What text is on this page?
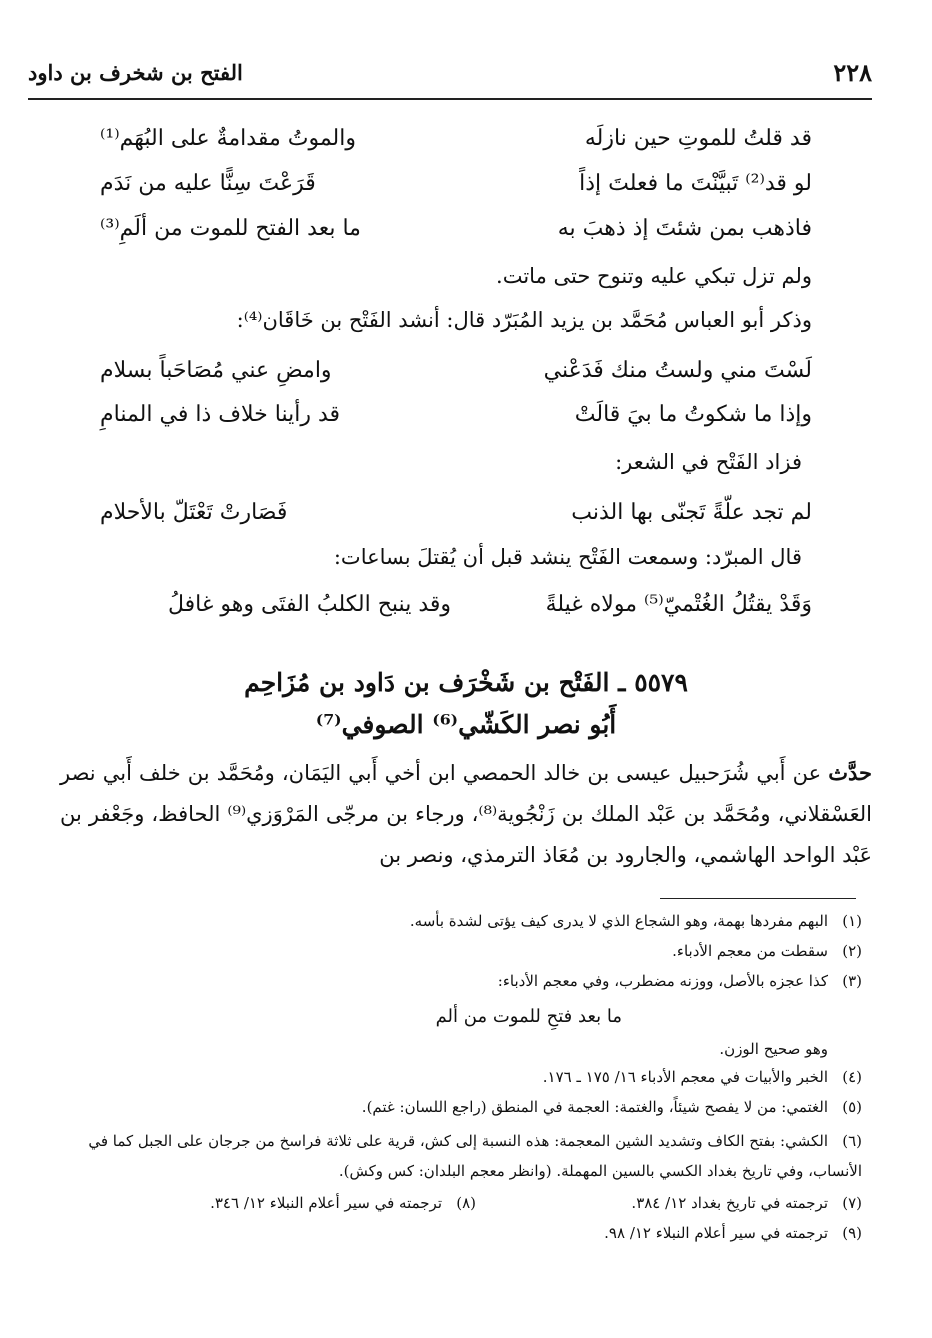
٢٢٨
الفتح بن شخرف بن داود
قد قلتُ للموتِ حين نازلَه
والموتُ مقدامةٌ على البُهَم⁽¹⁾
لو قد⁽²⁾ تَبيَّنْتَ ما فعلتَ إذاً
قَرَعْتَ سِنًّا عليه من نَدَم
فاذهب بمن شئتَ إذ ذهبَ به
ما بعد الفتح للموت من ألَمِ⁽³⁾
ولم تزل تبكي عليه وتنوح حتى ماتت.
وذكر أبو العباس مُحَمَّد بن يزيد المُبَرّد قال: أنشد الفَتْح بن خَاقَان⁽⁴⁾:
لَسْتَ مني ولستُ منك فَدَعْني
وامضِ عني مُصَاحَباً بسلام
وإذا ما شكوتُ ما بيَ قالَتْ
قد رأينا خلاف ذا في المنامِ
فزاد الفَتْح في الشعر:
لم تجد علّةً تَجنّى بها الذنب
فَصَارتْ تَعْتَلّ بالأحلام
قال المبرّد: وسمعت الفَتْح ينشد قبل أن يُقتلَ بساعات:
وَقَدْ يقتُلُ الغُتْميّ⁽⁵⁾ مولاه غيلةً
وقد ينبح الكلبُ الفتَى وهو غافلُ
٥٥٧٩ ـ الفَتْح بن شَخْرَف بن دَاود بن مُزَاحِم
أَبُو نصر الكَشّي⁽⁶⁾ الصوفي⁽⁷⁾
حدَّث عن أَبي شُرَحبيل عيسى بن خالد الحمصي ابن أخي أَبي اليَمَان، ومُحَمَّد بن خلف أَبي نصر العَسْقلاني، ومُحَمَّد بن عَبْد الملك بن زَنْجُوية⁽⁸⁾، ورجاء بن مرجّى المَرْوَزي⁽⁹⁾ الحافظ، وجَعْفر بن عَبْد الواحد الهاشمي، والجارود بن مُعَاذ الترمذي، ونصر بن
(١)البهم مفردها بهمة، وهو الشجاع الذي لا يدرى كيف يؤتى لشدة بأسه.
(٢)سقطت من معجم الأدباء.
(٣)كذا عجزه بالأصل، ووزنه مضطرب، وفي معجم الأدباء:
ما بعد فتحِ للموت من ألم
وهو صحيح الوزن.
(٤)الخبر والأبيات في معجم الأدباء ١٦/ ١٧٥ ـ ١٧٦.
(٥)الغتمي: من لا يفصح شيئاً، والغتمة: العجمة في المنطق (راجع اللسان: غتم).
(٦)الكشي: بفتح الكاف وتشديد الشين المعجمة: هذه النسبة إلى كش، قرية على ثلاثة فراسخ من جرجان على الجبل كما في الأنساب، وفي تاريخ بغداد الكسي بالسين المهملة. (وانظر معجم البلدان: كس وكش).
(٧)ترجمته في تاريخ بغداد ١٢/ ٣٨٤.
(٨)ترجمته في سير أعلام النبلاء ١٢/ ٣٤٦.
(٩)ترجمته في سير أعلام النبلاء ١٢/ ٩٨.
